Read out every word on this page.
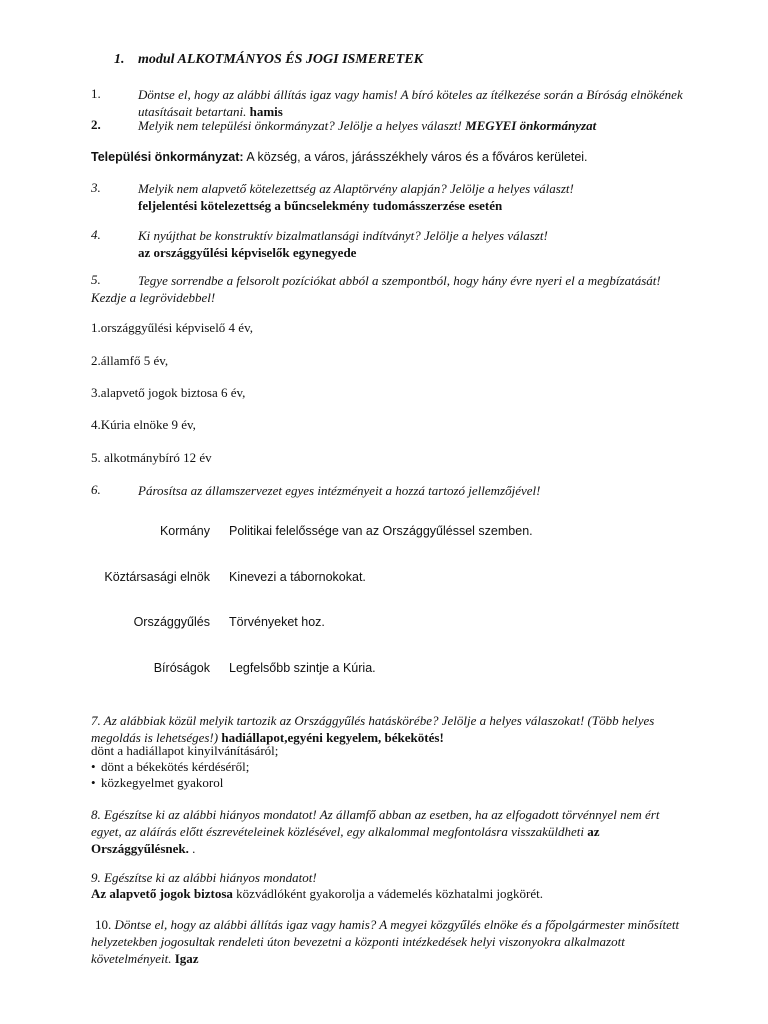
1. modul ALKOTMÁNYOS ÉS JOGI ISMERETEK
1.	Döntse el, hogy az alábbi állítás igaz vagy hamis! A bíró köteles az ítélkezése során a Bíróság elnökének utasításait betartani. hamis
2.	Melyik nem települési önkormányzat? Jelölje a helyes választ! MEGYEI önkormányzat
Települési önkormányzat: A község, a város, járásszékhely város és a főváros kerületei.
3.	Melyik nem alapvető kötelezettség az Alaptörvény alapján? Jelölje a helyes választ!
feljelentési kötelezettség a bűncselekmény tudomásszerzése esetén
4.	Ki nyújthat be konstruktív bizalmatlansági indítványt? Jelölje a helyes választ!
az országgyűlési képviselők egynegyede
5.	Tegye sorrendbe a felsorolt pozíciókat abból a szempontból, hogy hány évre nyeri el a megbízatását! Kezdje a legrövidebbel!
1.országgyűlési képviselő 4 év,
2.államfő 5 év,
3.alapvető jogok biztosa 6 év,
4.Kúria elnöke 9 év,
5. alkotmánybíró 12 év
6.	Párosítsa az államszervezet egyes intézményeit a hozzá tartozó jellemzőjével!
Kormány Politikai felelőssége van az Országgyűléssel szemben.
Köztársasági elnök Kinevezi a tábornokokat.
Országgyűlés Törvényeket hoz.
Bíróságok Legfelsőbb szintje a Kúria.
7. Az alábbiak közül melyik tartozik az Országgyűlés hatáskörébe? Jelölje a helyes válaszokat! (Több helyes megoldás is lehetséges!) hadiállapot,egyéni kegyelem, békekötés!
dönt a hadiállapot kinyilvánításáról;
• dönt a békekötés kérdéséről;
• közkegyelmet gyakorol
8. Egészítse ki az alábbi hiányos mondatot! Az államfő abban az esetben, ha az elfogadott törvénnyel nem ért egyet, az aláírás előtt észrevételeinek közlésével, egy alkalommal megfontolásra visszaküldheti az Országgyűlésnek. .
9. Egészítse ki az alábbi hiányos mondatot!
Az alapvető jogok biztosa közvádlóként gyakorolja a vádemelés közhatalmi jogkörét.
10. Döntse el, hogy az alábbi állítás igaz vagy hamis? A megyei közgyűlés elnöke és a főpolgármester minősített helyzetekben jogosultak rendeleti úton bevezetni a központi intézkedések helyi viszonyokra alkalmazott követelményeit. Igaz
